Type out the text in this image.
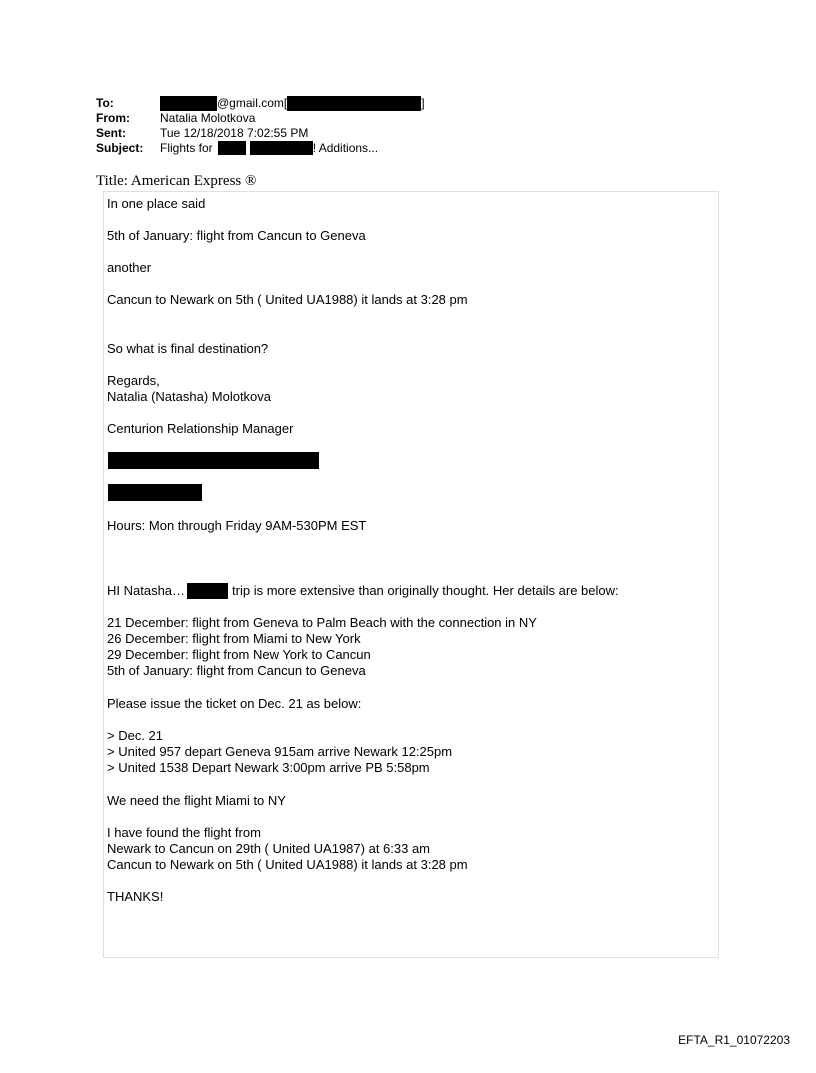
To:	@gmail.com[	]
From:	Natalia Molotkova
Sent:	Tue 12/18/2018 7:02:55 PM
Subject:	Flights for	! Additions...
Title: American Express ®
In one place said
5th of January: flight from Cancun to Geneva
another
Cancun to Newark on 5th ( United UA1988) it lands at 3:28 pm
So what is final destination?
Regards,
Natalia (Natasha) Molotkova
Centurion Relationship Manager
Hours: Mon through Friday 9AM-530PM EST
HI Natasha…	trip is more extensive than originally thought. Her details are below:
21 December: flight from Geneva to Palm Beach with the connection in NY
26 December: flight from Miami to New York
29 December: flight from New York to Cancun
5th of January: flight from Cancun to Geneva
Please issue the ticket on Dec. 21 as below:
> Dec. 21
> United 957 depart Geneva 915am arrive Newark 12:25pm
> United 1538 Depart Newark 3:00pm arrive PB 5:58pm
We need the flight Miami to NY
I have found the flight from
Newark to Cancun on 29th ( United UA1987) at 6:33 am
Cancun to Newark on 5th ( United UA1988) it lands at 3:28 pm
THANKS!
EFTA_R1_01072203
